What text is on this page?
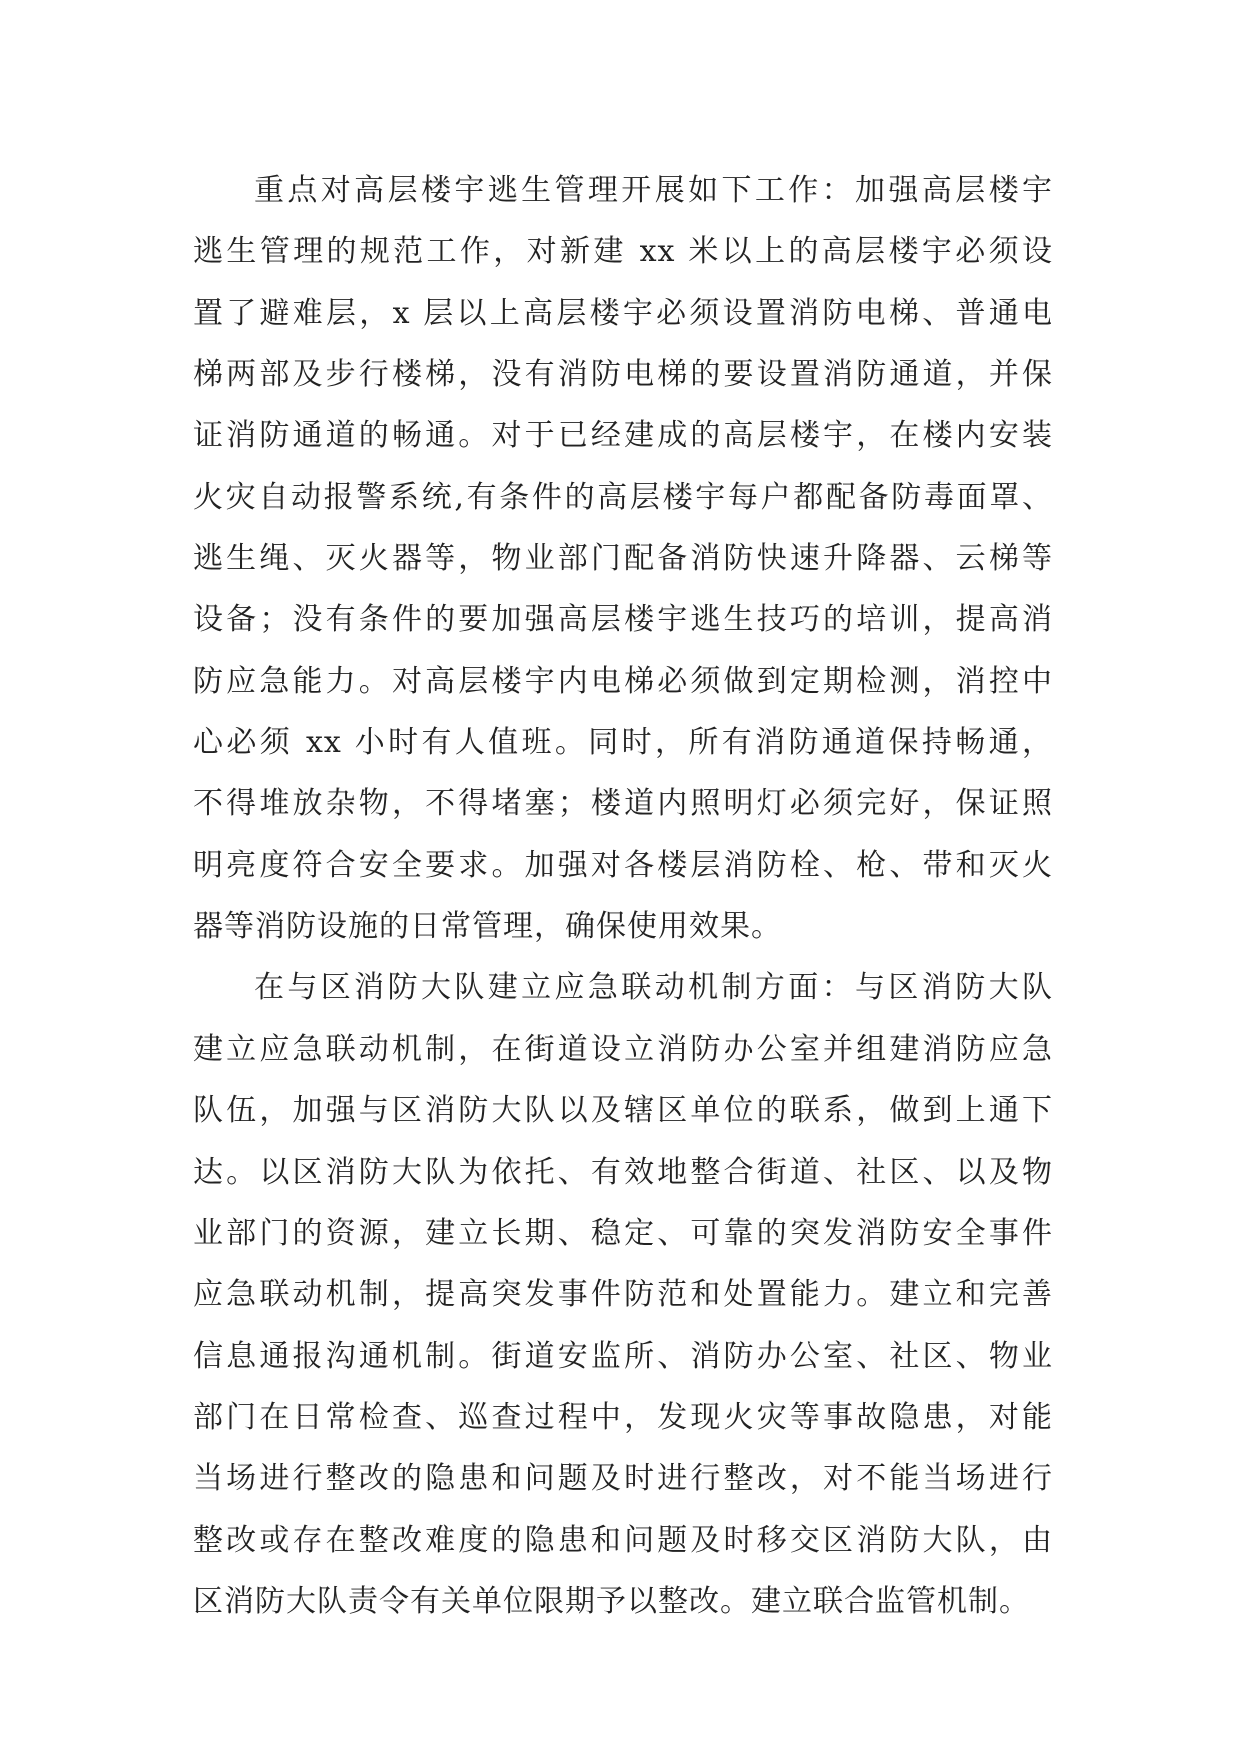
重点对高层楼宇逃生管理开展如下工作：加强高层楼宇
逃生管理的规范工作，对新建 xx 米以上的高层楼宇必须设
置了避难层，x 层以上高层楼宇必须设置消防电梯、普通电
梯两部及步行楼梯，没有消防电梯的要设置消防通道，并保
证消防通道的畅通。对于已经建成的高层楼宇，在楼内安装
火灾自动报警系统,有条件的高层楼宇每户都配备防毒面罩、
逃生绳、灭火器等，物业部门配备消防快速升降器、云梯等
设备；没有条件的要加强高层楼宇逃生技巧的培训，提高消
防应急能力。对高层楼宇内电梯必须做到定期检测，消控中
心必须 xx 小时有人值班。同时，所有消防通道保持畅通，
不得堆放杂物，不得堵塞；楼道内照明灯必须完好，保证照
明亮度符合安全要求。加强对各楼层消防栓、枪、带和灭火
器等消防设施的日常管理，确保使用效果。
在与区消防大队建立应急联动机制方面：与区消防大队
建立应急联动机制，在街道设立消防办公室并组建消防应急
队伍，加强与区消防大队以及辖区单位的联系，做到上通下
达。以区消防大队为依托、有效地整合街道、社区、以及物
业部门的资源，建立长期、稳定、可靠的突发消防安全事件
应急联动机制，提高突发事件防范和处置能力。建立和完善
信息通报沟通机制。街道安监所、消防办公室、社区、物业
部门在日常检查、巡查过程中，发现火灾等事故隐患，对能
当场进行整改的隐患和问题及时进行整改，对不能当场进行
整改或存在整改难度的隐患和问题及时移交区消防大队，由
区消防大队责令有关单位限期予以整改。建立联合监管机制。
